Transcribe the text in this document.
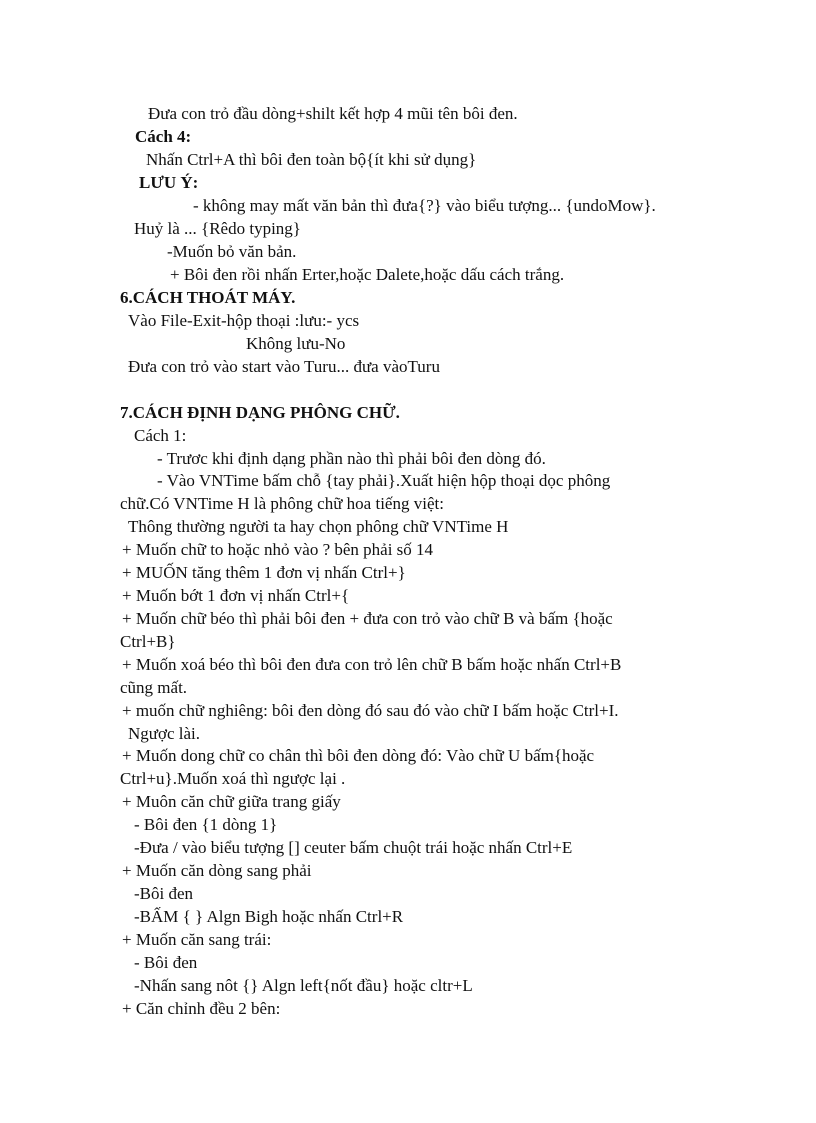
Đưa con trỏ đầu dòng+shilt kết hợp 4 mũi tên bôi đen.
Cách 4:
Nhấn Ctrl+A thì bôi đen toàn bộ{ít khi sử dụng}
LƯU Ý:
- không may mất văn bản thì đưa{?} vào biểu tượng... {undoMow}.
Huỷ là ... {Rêdo typing}
-Muốn bỏ văn bản.
+ Bôi đen rồi nhấn Erter,hoặc Dalete,hoặc dấu cách trắng.
6.CÁCH THOÁT MÁY.
Vào File-Exit-hộp thoại :lưu:- ycs
Không lưu-No
Đưa con trỏ vào start vào Turu... đưa vàoTuru
7.CÁCH ĐỊNH DẠNG PHÔNG CHỮ.
Cách 1:
- Trươc khi định dạng phần nào thì phải bôi đen dòng đó.
- Vào VNTime bấm chỗ {tay phải}.Xuất hiện hộp thoại dọc phông
chữ.Có VNTime H là phông chữ hoa tiếng việt:
Thông thường người ta hay chọn phông chữ VNTime H
+ Muốn chữ to hoặc nhỏ vào ? bên phải số 14
+ MUỐN tăng thêm 1 đơn vị nhấn Ctrl+}
+ Muốn bớt 1 đơn vị nhấn Ctrl+{
+ Muốn chữ béo thì phải bôi đen + đưa con trỏ vào chữ B và bấm {hoặc
Ctrl+B}
+ Muốn xoá béo thì bôi đen đưa con trỏ lên chữ B bấm hoặc nhấn Ctrl+B
cũng mất.
+ muốn chữ nghiêng: bôi đen dòng đó sau đó vào chữ I bấm hoặc Ctrl+I.
Ngược lài.
+ Muốn dong chữ co chân thì bôi đen dòng đó: Vào chữ U bấm{hoặc
Ctrl+u}.Muốn xoá thì ngược lại .
+ Muôn căn chữ giữa trang giấy
- Bôi đen {1 dòng 1}
-Đưa / vào biểu tượng [] ceuter bấm chuột trái hoặc nhấn Ctrl+E
+ Muốn căn dòng sang phải
-Bôi đen
-BẤM { } Algn Bigh hoặc nhấn Ctrl+R
+ Muốn căn sang trái:
- Bôi đen
-Nhấn sang nôt {} Algn left{nốt đầu} hoặc cltr+L
+ Căn chỉnh đều 2 bên:
